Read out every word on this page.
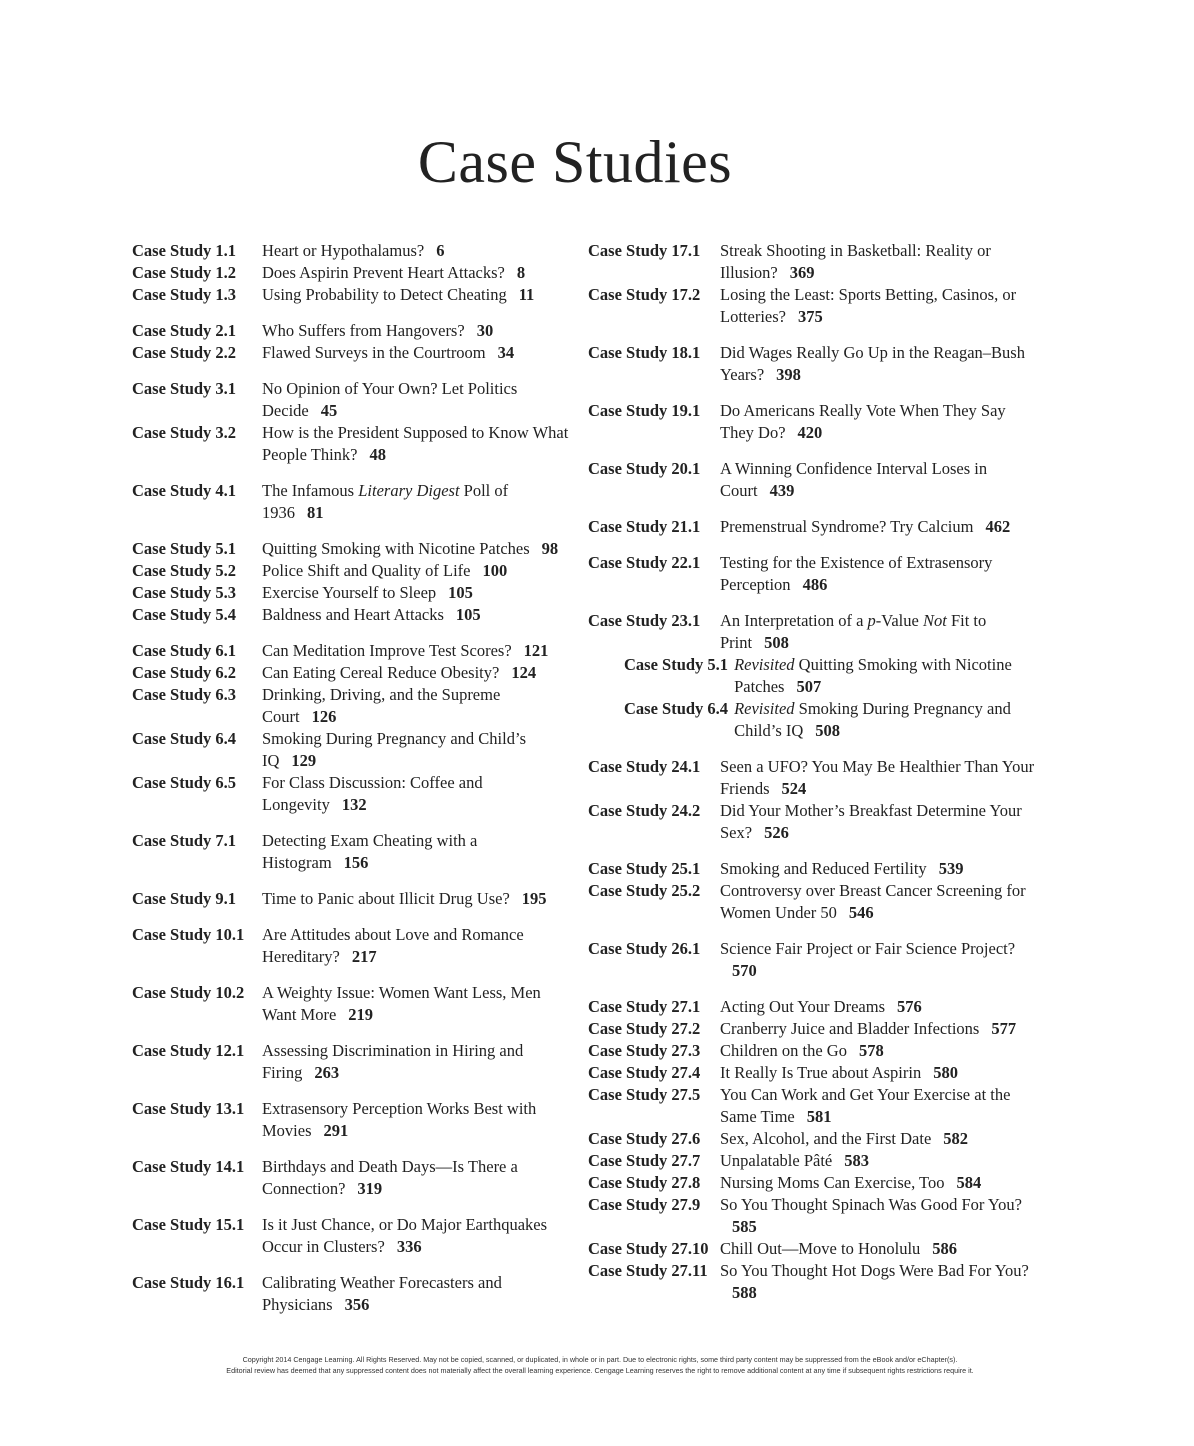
Case Studies
Case Study 1.1	Heart or Hypothalamus? 6
Case Study 1.2	Does Aspirin Prevent Heart Attacks? 8
Case Study 1.3	Using Probability to Detect Cheating 11
Case Study 2.1	Who Suffers from Hangovers? 30
Case Study 2.2	Flawed Surveys in the Courtroom 34
Case Study 3.1	No Opinion of Your Own? Let Politics Decide 45
Case Study 3.2	How is the President Supposed to Know What People Think? 48
Case Study 4.1	The Infamous Literary Digest Poll of 1936 81
Case Study 5.1	Quitting Smoking with Nicotine Patches 98
Case Study 5.2	Police Shift and Quality of Life 100
Case Study 5.3	Exercise Yourself to Sleep 105
Case Study 5.4	Baldness and Heart Attacks 105
Case Study 6.1	Can Meditation Improve Test Scores? 121
Case Study 6.2	Can Eating Cereal Reduce Obesity? 124
Case Study 6.3	Drinking, Driving, and the Supreme Court 126
Case Study 6.4	Smoking During Pregnancy and Child’s IQ 129
Case Study 6.5	For Class Discussion: Coffee and Longevity 132
Case Study 7.1	Detecting Exam Cheating with a Histogram 156
Case Study 9.1	Time to Panic about Illicit Drug Use? 195
Case Study 10.1	Are Attitudes about Love and Romance Hereditary? 217
Case Study 10.2	A Weighty Issue: Women Want Less, Men Want More 219
Case Study 12.1	Assessing Discrimination in Hiring and Firing 263
Case Study 13.1	Extrasensory Perception Works Best with Movies 291
Case Study 14.1	Birthdays and Death Days—Is There a Connection? 319
Case Study 15.1	Is it Just Chance, or Do Major Earthquakes Occur in Clusters? 336
Case Study 16.1	Calibrating Weather Forecasters and Physicians 356
Case Study 17.1	Streak Shooting in Basketball: Reality or Illusion? 369
Case Study 17.2	Losing the Least: Sports Betting, Casinos, or Lotteries? 375
Case Study 18.1	Did Wages Really Go Up in the Reagan–Bush Years? 398
Case Study 19.1	Do Americans Really Vote When They Say They Do? 420
Case Study 20.1	A Winning Confidence Interval Loses in Court 439
Case Study 21.1	Premenstrual Syndrome? Try Calcium 462
Case Study 22.1	Testing for the Existence of Extrasensory Perception 486
Case Study 23.1	An Interpretation of a p-Value Not Fit to Print 508
Case Study 5.1 Revisited Quitting Smoking with Nicotine Patches 507
Case Study 6.4 Revisited Smoking During Pregnancy and Child’s IQ 508
Case Study 24.1	Seen a UFO? You May Be Healthier Than Your Friends 524
Case Study 24.2	Did Your Mother’s Breakfast Determine Your Sex? 526
Case Study 25.1	Smoking and Reduced Fertility 539
Case Study 25.2	Controversy over Breast Cancer Screening for Women Under 50 546
Case Study 26.1	Science Fair Project or Fair Science Project?570
Case Study 27.1	Acting Out Your Dreams 576
Case Study 27.2	Cranberry Juice and Bladder Infections 577
Case Study 27.3	Children on the Go 578
Case Study 27.4	It Really Is True about Aspirin 580
Case Study 27.5	You Can Work and Get Your Exercise at the Same Time 581
Case Study 27.6	Sex, Alcohol, and the First Date 582
Case Study 27.7	Unpalatable Pâté 583
Case Study 27.8	Nursing Moms Can Exercise, Too 584
Case Study 27.9	So You Thought Spinach Was Good For You?585
Case Study 27.10 Chill Out—Move to Honolulu 586
Case Study 27.11 So You Thought Hot Dogs Were Bad For You?588
Copyright 2014 Cengage Learning. All Rights Reserved. May not be copied, scanned, or duplicated, in whole or in part. Due to electronic rights, some third party content may be suppressed from the eBook and/or eChapter(s).
Editorial review has deemed that any suppressed content does not materially affect the overall learning experience. Cengage Learning reserves the right to remove additional content at any time if subsequent rights restrictions require it.
